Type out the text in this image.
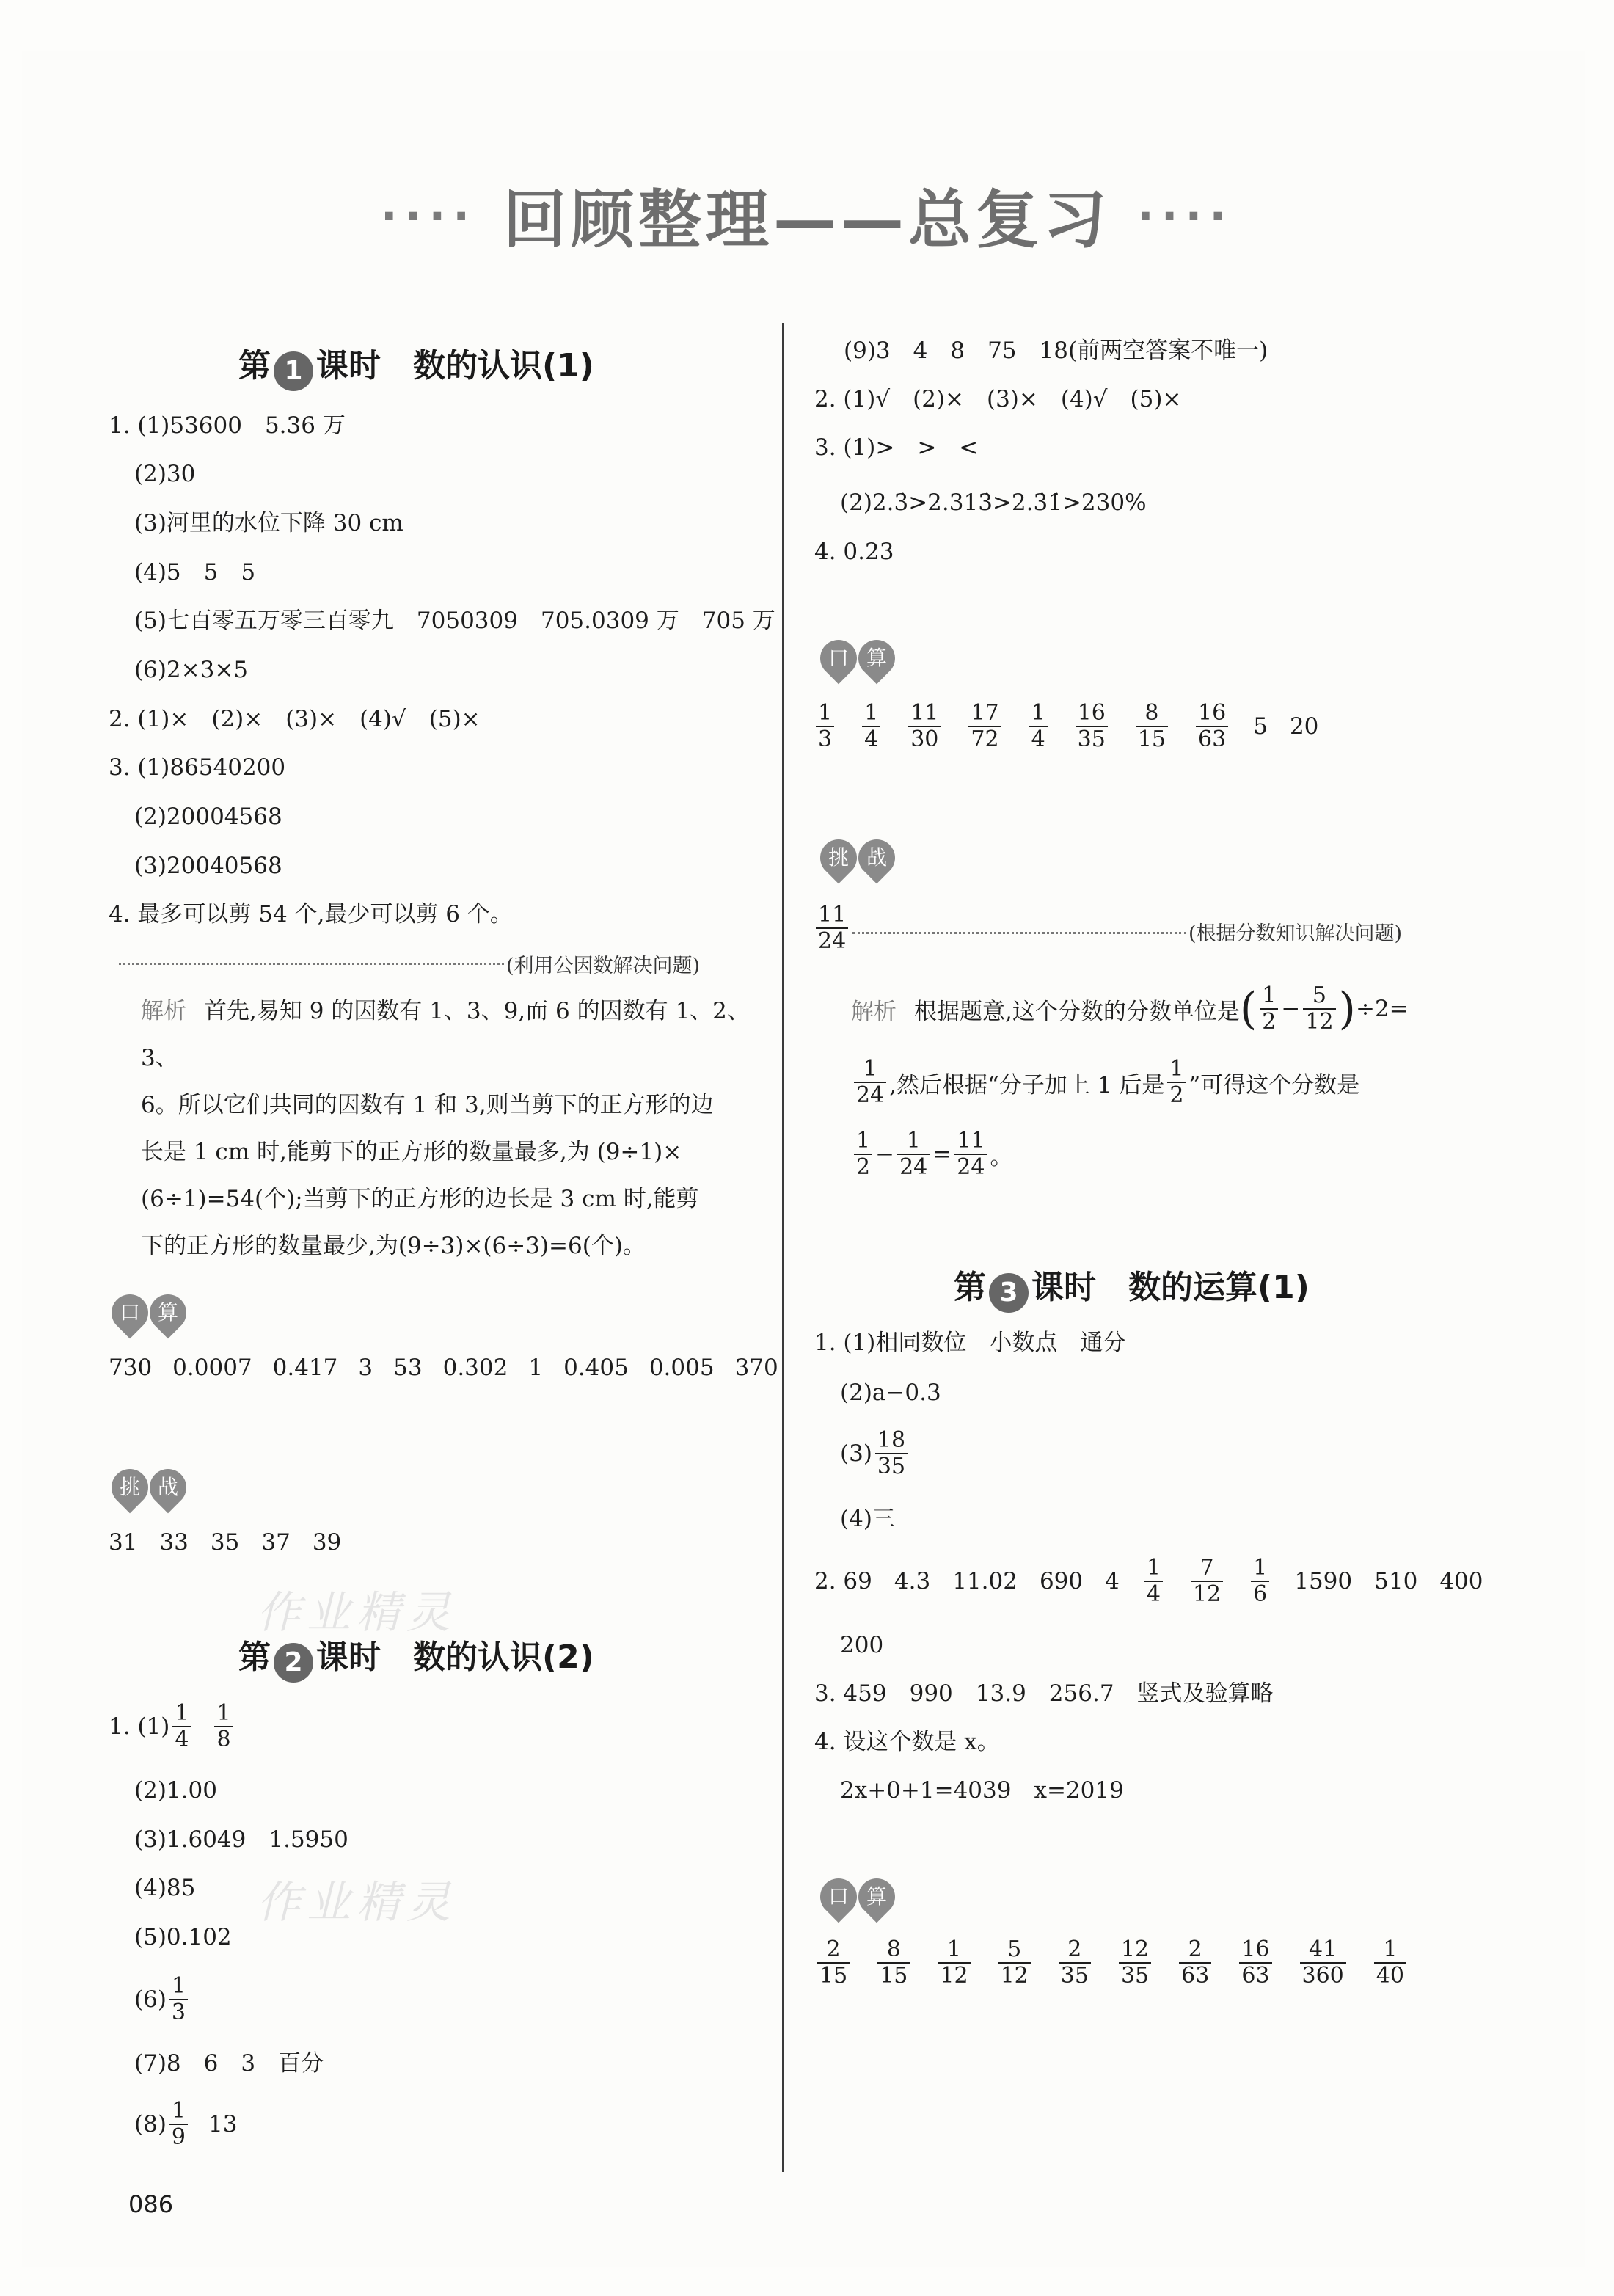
···· 回顾整理——总复习 ····
第 1 课时 数的认识(1)
1. (1)53600　5.36 万
(2)30
(3)河里的水位下降 30 cm
(4)5　5　5
(5)七百零五万零三百零九　7050309　705.0309 万　705 万
(6)2×3×5
2. (1)×　(2)×　(3)×　(4)√　(5)×
3. (1)86540200
(2)20004568
(3)20040568
4. 最多可以剪 54 个,最少可以剪 6 个。
(利用公因数解决问题)
解析 首先,易知 9 的因数有 1、3、9,而 6 的因数有 1、2、3、
6。所以它们共同的因数有 1 和 3,则当剪下的正方形的边
长是 1 cm 时,能剪下的正方形的数量最多,为 (9÷1)×
(6÷1)=54(个);当剪下的正方形的边长是 3 cm 时,能剪
下的正方形的数量最少,为(9÷3)×(6÷3)=6(个)。
口 算
730 0.0007 0.417 3 53 0.302 1 0.405 0.005 370
挑 战
31 33 35 37 39
作业精灵
第 2 课时 数的认识(2)
1. $(1) \frac{1}{4} \frac{1}{8}$
(2)1.00
(3)1.6049　1.5950
(4)85 作业精灵
(5)0.102
$(6) \frac{1}{3}$
(7)8　6　3　百分
$(8) \frac{1}{9} 13$
086
(9)3　4　8　75　18(前两空答案不唯一)
2. (1)√　(2)×　(3)×　(4)√　(5)×
3. (1)>　>　<
(2)2.3̇>2.313̇>2.3̇1̇>230%
4. 0.23
口 算
$\frac{1}{3} \frac{1}{4} \frac{11}{30} \frac{17}{72} \frac{1}{4} \frac{16}{35} \frac{8}{15} \frac{16}{63} 5$ 20
挑 战
$\frac{11}{24}$	(根据分数知识解决问题)
解析 根据题意,这个分数的分数单位是 ( $\frac{1}{2} - \frac{5}{12}$ ) ÷2=
$\frac{1}{24}$ ,然后根据“分子加上 1 后是 $\frac{1}{2}$ ”可得这个分数是
$\frac{1}{2} - \frac{1}{24} = \frac{11}{24}$ 。
第 3 课时 数的运算(1)
1. (1)相同数位　小数点　通分
(2)a−0.3
$(3) \frac{18}{35}$
(4)三
2. 69 4.3 11.02 690 $4 \frac{1}{4} \frac{7}{12} \frac{1}{6} 1590$ 510 400
200
3. 459　990　13.9　256.7　竖式及验算略
4. 设这个数是 x。
2x+0+1=4039　x=2019
口 算
$\frac{2}{15} \frac{8}{15} \frac{1}{12} \frac{5}{12} \frac{2}{35} \frac{12}{35} \frac{2}{63} \frac{16}{63} \frac{41}{360} \frac{1}{40}$
